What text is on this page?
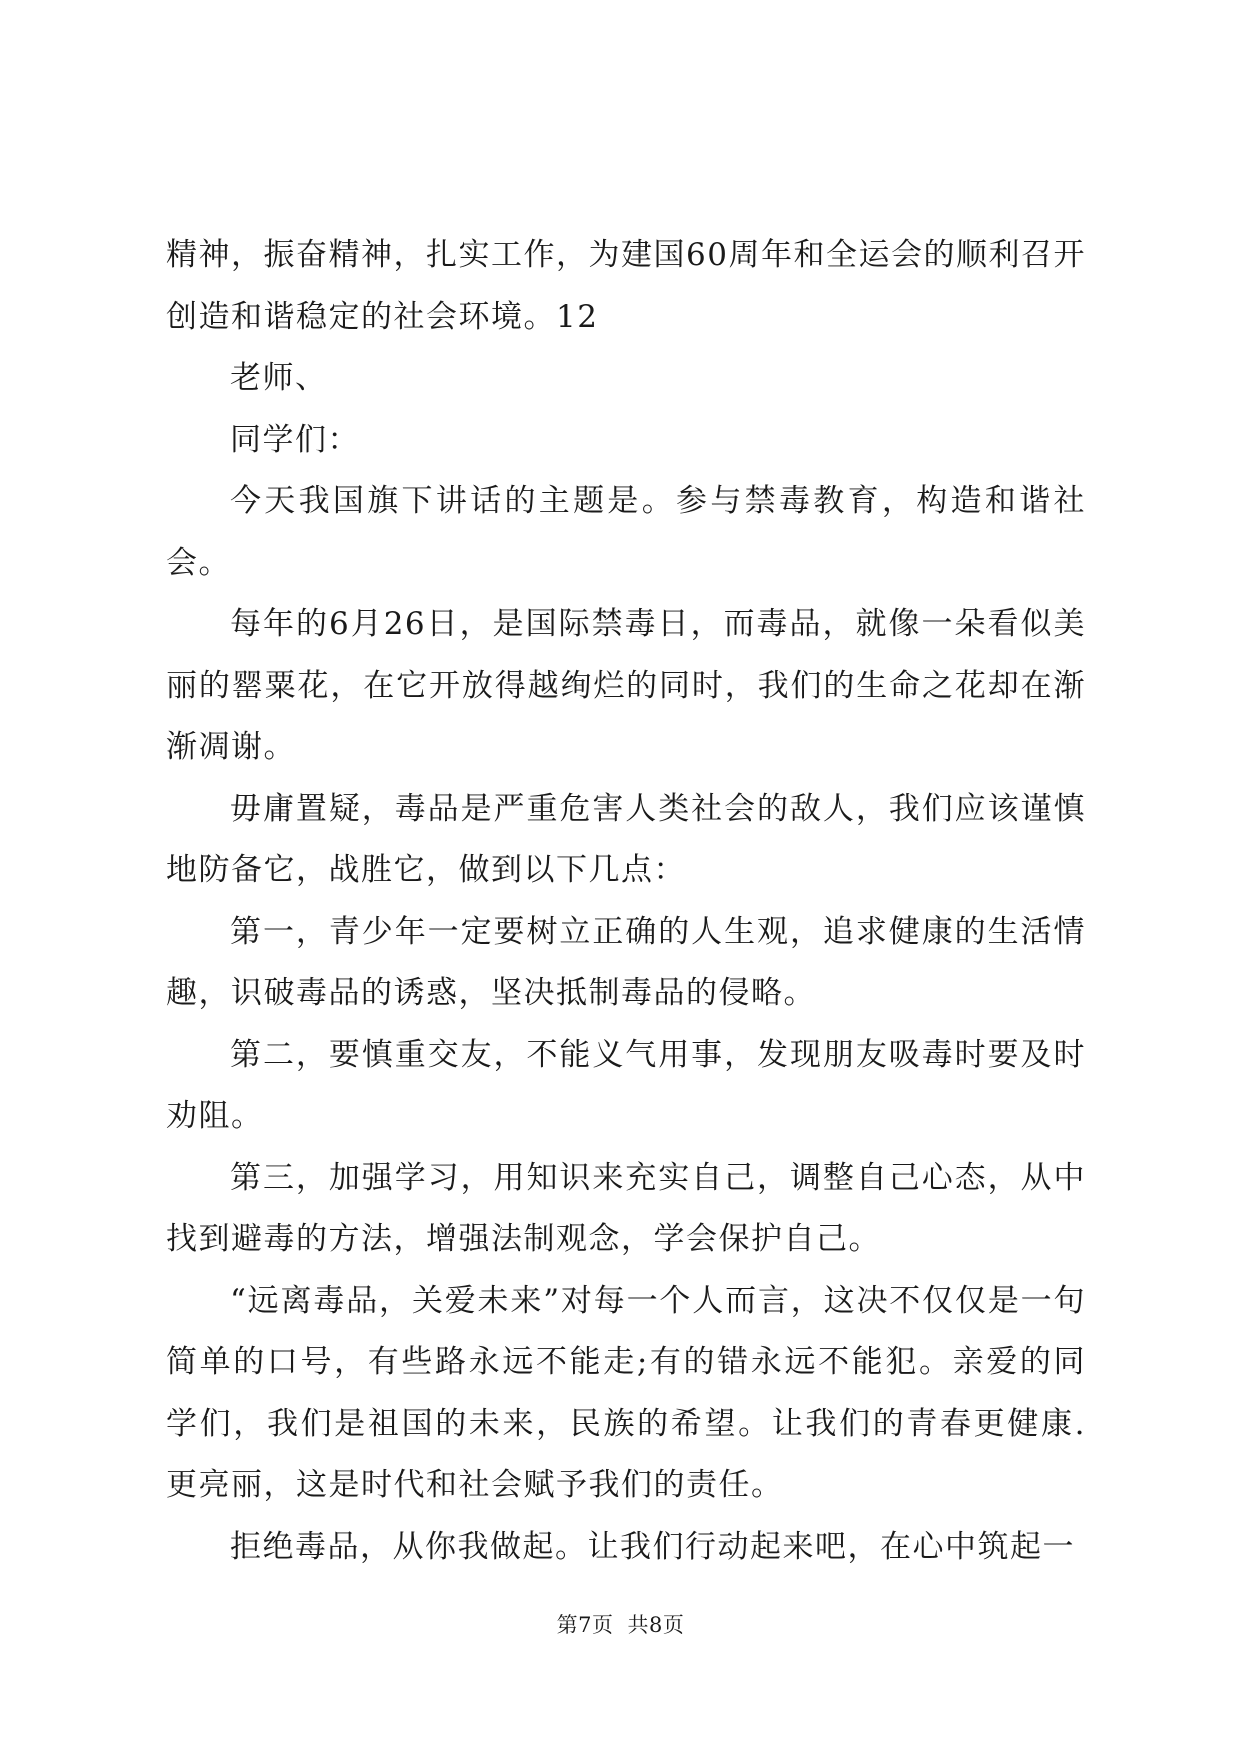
精神，振奋精神，扎实工作，为建国60周年和全运会的顺利召开创造和谐稳定的社会环境。12

老师、

同学们：

今天我国旗下讲话的主题是。参与禁毒教育，构造和谐社会。

每年的6月26日，是国际禁毒日，而毒品，就像一朵看似美丽的罂粟花，在它开放得越绚烂的同时，我们的生命之花却在渐渐凋谢。

毋庸置疑，毒品是严重危害人类社会的敌人，我们应该谨慎地防备它，战胜它，做到以下几点：

第一，青少年一定要树立正确的人生观，追求健康的生活情趣，识破毒品的诱惑，坚决抵制毒品的侵略。

第二，要慎重交友，不能义气用事，发现朋友吸毒时要及时劝阻。

第三，加强学习，用知识来充实自己，调整自己心态，从中找到避毒的方法，增强法制观念，学会保护自己。

“远离毒品，关爱未来”对每一个人而言，这决不仅仅是一句简单的口号，有些路永远不能走;有的错永远不能犯。亲爱的同学们，我们是祖国的未来，民族的希望。让我们的青春更健康.更亮丽，这是时代和社会赋予我们的责任。

拒绝毒品，从你我做起。让我们行动起来吧，在心中筑起一

第7页 共8页
